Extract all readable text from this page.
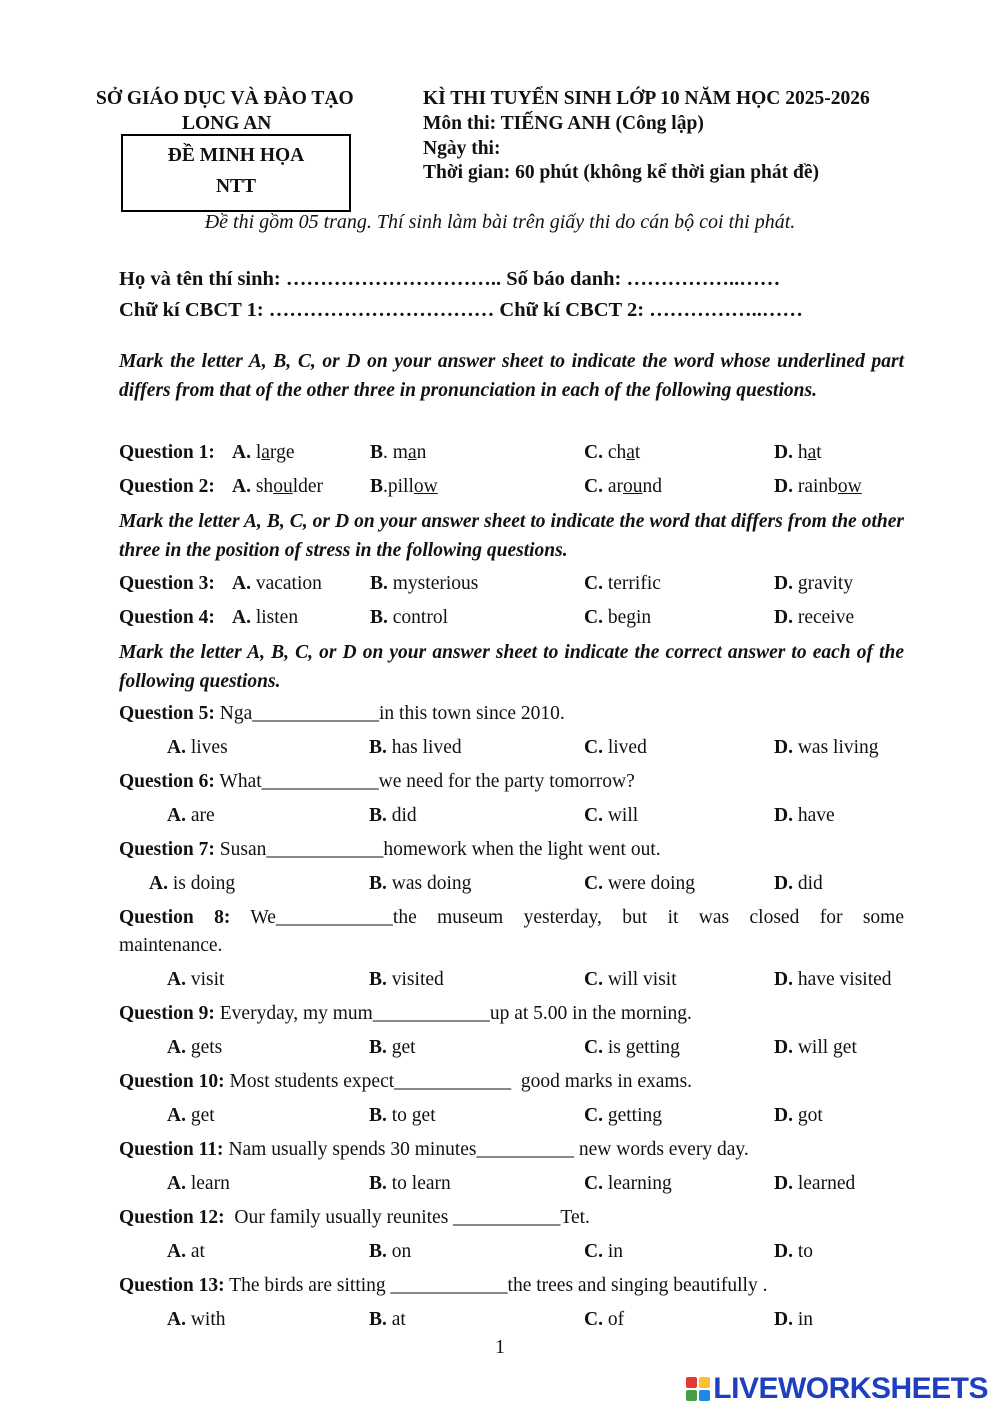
SỞ GIÁO DỤC VÀ ĐÀO TẠO
LONG AN
ĐỀ MINH HỌA
NTT
KÌ THI TUYỂN SINH LỚP 10 NĂM HỌC 2025-2026
Môn thi: TIẾNG ANH (Công lập)
Ngày thi:
Thời gian: 60 phút (không kể thời gian phát đề)
Đề thi gồm 05 trang. Thí sinh làm bài trên giấy thi do cán bộ coi thi phát.
Họ và tên thí sinh: ………………………….. Số báo danh: ……………..……
Chữ kí CBCT 1: …………………………… Chữ kí CBCT 2: ……………..……
Mark the letter A, B, C, or D on your answer sheet to indicate the word whose underlined part differs from that of the other three in pronunciation in each of the following questions.
Question 1: A. large	B. man	C. chat	D. hat
Question 2: A. shoulder B.pillow	C. around	D. rainbow
Mark the letter A, B, C, or D on your answer sheet to indicate the word that differs from the other three in the position of stress in the following questions.
Question 3: A. vacation B. mysterious	C. terrific	D. gravity
Question 4: A. listen	B. control	C. begin	D. receive
Mark the letter A, B, C, or D on your answer sheet to indicate the correct answer to each of the following questions.
Question 5: Nga_____________in this town since 2010.
A. lives	B. has lived	C. lived	D. was living
Question 6: What____________we need for the party tomorrow?
A. are	B. did	C. will	D. have
Question 7: Susan____________homework when the light went out.
A. is doing	B. was doing	C. were doing	D. did
Question 8: We____________the museum yesterday, but it was closed for some
maintenance.
A. visit	B. visited	C. will visit	D. have visited
Question 9: Everyday, my mum____________up at 5.00 in the morning.
A. gets	B. get	C. is getting	D. will get
Question 10: Most students expect____________  good marks in exams.
A. get	B. to get	C. getting	D. got
Question 11: Nam usually spends 30 minutes__________ new words every day.
A. learn	B. to learn	C. learning	D. learned
Question 12:  Our family usually reunites ___________Tet.
A. at	B. on	C. in	D. to
Question 13: The birds are sitting ____________the trees and singing beautifully .
A. with	B. at	C. of	D. in
1
LIVEWORKSHEETS
